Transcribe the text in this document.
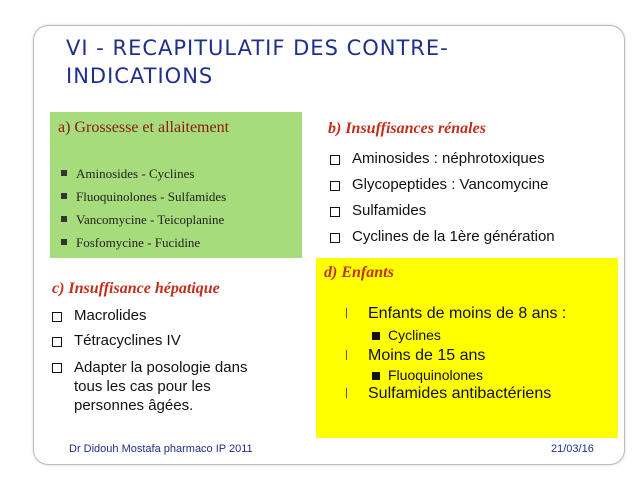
VI - RECAPITULATIF DES CONTRE-INDICATIONS
a) Grossesse et allaitement
Aminosides - Cyclines
Fluoquinolones - Sulfamides
Vancomycine - Teicoplanine
Fosfomycine - Fucidine
b) Insuffisances rénales
Aminosides : néphrotoxiques
Glycopeptides : Vancomycine
Sulfamides
Cyclines de la 1ère génération
c) Insuffisance hépatique
Macrolides
Tétracyclines IV
Adapter la posologie dans tous les cas pour les personnes âgées.
d) Enfants
Enfants de moins de 8 ans :
Cyclines
Moins de 15 ans
Fluoquinolones
Sulfamides antibactériens
Dr Didouh Mostafa pharmaco IP 2011	21/03/16
